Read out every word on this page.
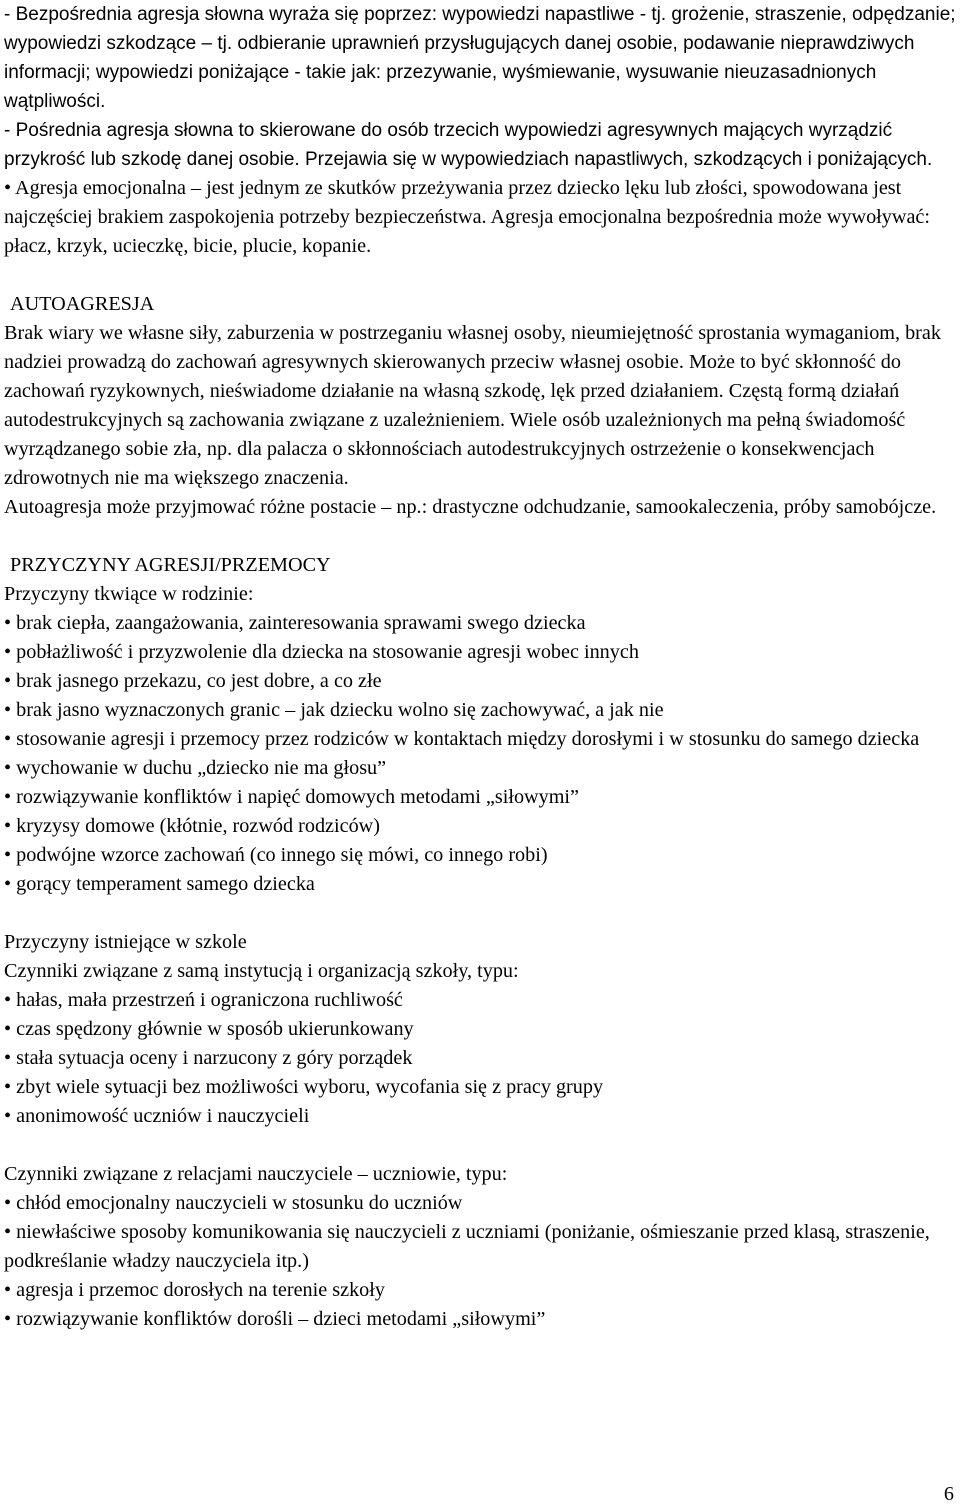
- Bezpośrednia agresja słowna wyraża się poprzez: wypowiedzi napastliwe - tj. grożenie, straszenie, odpędzanie; wypowiedzi szkodzące – tj. odbieranie uprawnień przysługujących danej osobie, podawanie nieprawdziwych informacji; wypowiedzi poniżające - takie jak: przezywanie, wyśmiewanie, wysuwanie nieuzasadnionych wątpliwości.

- Pośrednia agresja słowna to skierowane do osób trzecich wypowiedzi agresywnych mających wyrządzić przykrość lub szkodę danej osobie. Przejawia się w wypowiedziach napastliwych, szkodzących i poniżających.

• Agresja emocjonalna – jest jednym ze skutków przeżywania przez dziecko lęku lub złości, spowodowana jest najczęściej brakiem zaspokojenia potrzeby bezpieczeństwa. Agresja emocjonalna bezpośrednia może wywoływać: płacz, krzyk, ucieczkę, bicie, plucie, kopanie.

AUTOAGRESJA

Brak wiary we własne siły, zaburzenia w postrzeganiu własnej osoby, nieumiejętność sprostania wymaganiom, brak nadziei prowadzą do zachowań agresywnych skierowanych przeciw własnej osobie. Może to być skłonność do zachowań ryzykownych, nieświadome działanie na własną szkodę, lęk przed działaniem. Częstą formą działań autodestrukcyjnych są zachowania związane z uzależnieniem. Wiele osób uzależnionych ma pełną świadomość wyrządzanego sobie zła, np. dla palacza o skłonnościach autodestrukcyjnych ostrzeżenie o konsekwencjach zdrowotnych nie ma większego znaczenia.

Autoagresja może przyjmować różne postacie – np.: drastyczne odchudzanie, samookaleczenia, próby samobójcze.

PRZYCZYNY AGRESJI/PRZEMOCY

Przyczyny tkwiące w rodzinie:

• brak ciepła, zaangażowania, zainteresowania sprawami swego dziecka

• pobłażliwość i przyzwolenie dla dziecka na stosowanie agresji wobec innych

• brak jasnego przekazu, co jest dobre, a co złe

• brak jasno wyznaczonych granic – jak dziecku wolno się zachowywać, a jak nie

• stosowanie agresji i przemocy przez rodziców w kontaktach między dorosłymi i w stosunku do samego dziecka

• wychowanie w duchu „dziecko nie ma głosu”

• rozwiązywanie konfliktów i napięć domowych metodami „siłowymi”

• kryzysy domowe (kłótnie, rozwód rodziców)

• podwójne wzorce zachowań (co innego się mówi, co innego robi)

• gorący temperament samego dziecka

Przyczyny istniejące w szkole

Czynniki związane z samą instytucją i organizacją szkoły, typu:

• hałas, mała przestrzeń i ograniczona ruchliwość

• czas spędzony głównie w sposób ukierunkowany

• stała sytuacja oceny i narzucony z góry porządek

• zbyt wiele sytuacji bez możliwości wyboru, wycofania się z pracy grupy

• anonimowość uczniów i nauczycieli

Czynniki związane z relacjami nauczyciele – uczniowie, typu:

• chłód emocjonalny nauczycieli w stosunku do uczniów

• niewłaściwe sposoby komunikowania się nauczycieli z uczniami (poniżanie, ośmieszanie przed klasą, straszenie, podkreślanie władzy nauczyciela itp.)

• agresja i przemoc dorosłych na terenie szkoły

• rozwiązywanie konfliktów dorośli – dzieci metodami „siłowymi”

6
